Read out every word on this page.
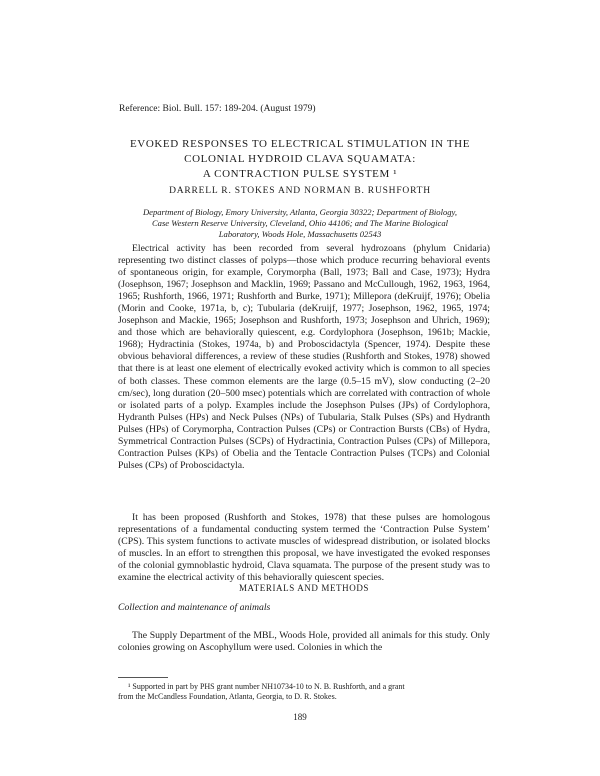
Reference: Biol. Bull. 157: 189-204. (August 1979)
EVOKED RESPONSES TO ELECTRICAL STIMULATION IN THE
COLONIAL HYDROID CLAVA SQUAMATA:
A CONTRACTION PULSE SYSTEM ¹
DARRELL R. STOKES AND NORMAN B. RUSHFORTH
Department of Biology, Emory University, Atlanta, Georgia 30322; Department of Biology,
Case Western Reserve University, Cleveland, Ohio 44106; and The Marine Biological
Laboratory, Woods Hole, Massachusetts 02543

Electrical activity has been recorded from several hydrozoans (phylum Cnidaria) representing two distinct classes of polyps—those which produce recurring behavioral events of spontaneous origin, for example, Corymorpha (Ball, 1973; Ball and Case, 1973); Hydra (Josephson, 1967; Josephson and Macklin, 1969; Passano and McCullough, 1962, 1963, 1964, 1965; Rushforth, 1966, 1971; Rushforth and Burke, 1971); Millepora (deKruijf, 1976); Obelia (Morin and Cooke, 1971a, b, c); Tubularia (deKruijf, 1977; Josephson, 1962, 1965, 1974; Josephson and Mackie, 1965; Josephson and Rushforth, 1973; Josephson and Uhrich, 1969); and those which are behaviorally quiescent, e.g. Cordylophora (Josephson, 1961b; Mackie, 1968); Hydractinia (Stokes, 1974a, b) and Proboscidactyla (Spencer, 1974). Despite these obvious behavioral differences, a review of these studies (Rushforth and Stokes, 1978) showed that there is at least one element of electrically evoked activity which is common to all species of both classes. These common elements are the large (0.5–15 mV), slow conducting (2–20 cm/sec), long duration (20–500 msec) potentials which are correlated with contraction of whole or isolated parts of a polyp. Examples include the Josephson Pulses (JPs) of Cordylophora, Hydranth Pulses (HPs) and Neck Pulses (NPs) of Tubularia, Stalk Pulses (SPs) and Hydranth Pulses (HPs) of Corymorpha, Contraction Pulses (CPs) or Contraction Bursts (CBs) of Hydra, Symmetrical Contraction Pulses (SCPs) of Hydractinia, Contraction Pulses (CPs) of Millepora, Contraction Pulses (KPs) of Obelia and the Tentacle Contraction Pulses (TCPs) and Colonial Pulses (CPs) of Proboscidactyla.

It has been proposed (Rushforth and Stokes, 1978) that these pulses are homologous representations of a fundamental conducting system termed the ‘Contraction Pulse System’ (CPS). This system functions to activate muscles of widespread distribution, or isolated blocks of muscles. In an effort to strengthen this proposal, we have investigated the evoked responses of the colonial gymnoblastic hydroid, Clava squamata. The purpose of the present study was to examine the electrical activity of this behaviorally quiescent species.

MATERIALS AND METHODS
Collection and maintenance of animals

The Supply Department of the MBL, Woods Hole, provided all animals for this study. Only colonies growing on Ascophyllum were used. Colonies in which the

¹ Supported in part by PHS grant number NH10734-10 to N. B. Rushforth, and a grant
from the McCandless Foundation, Atlanta, Georgia, to D. R. Stokes.
189
